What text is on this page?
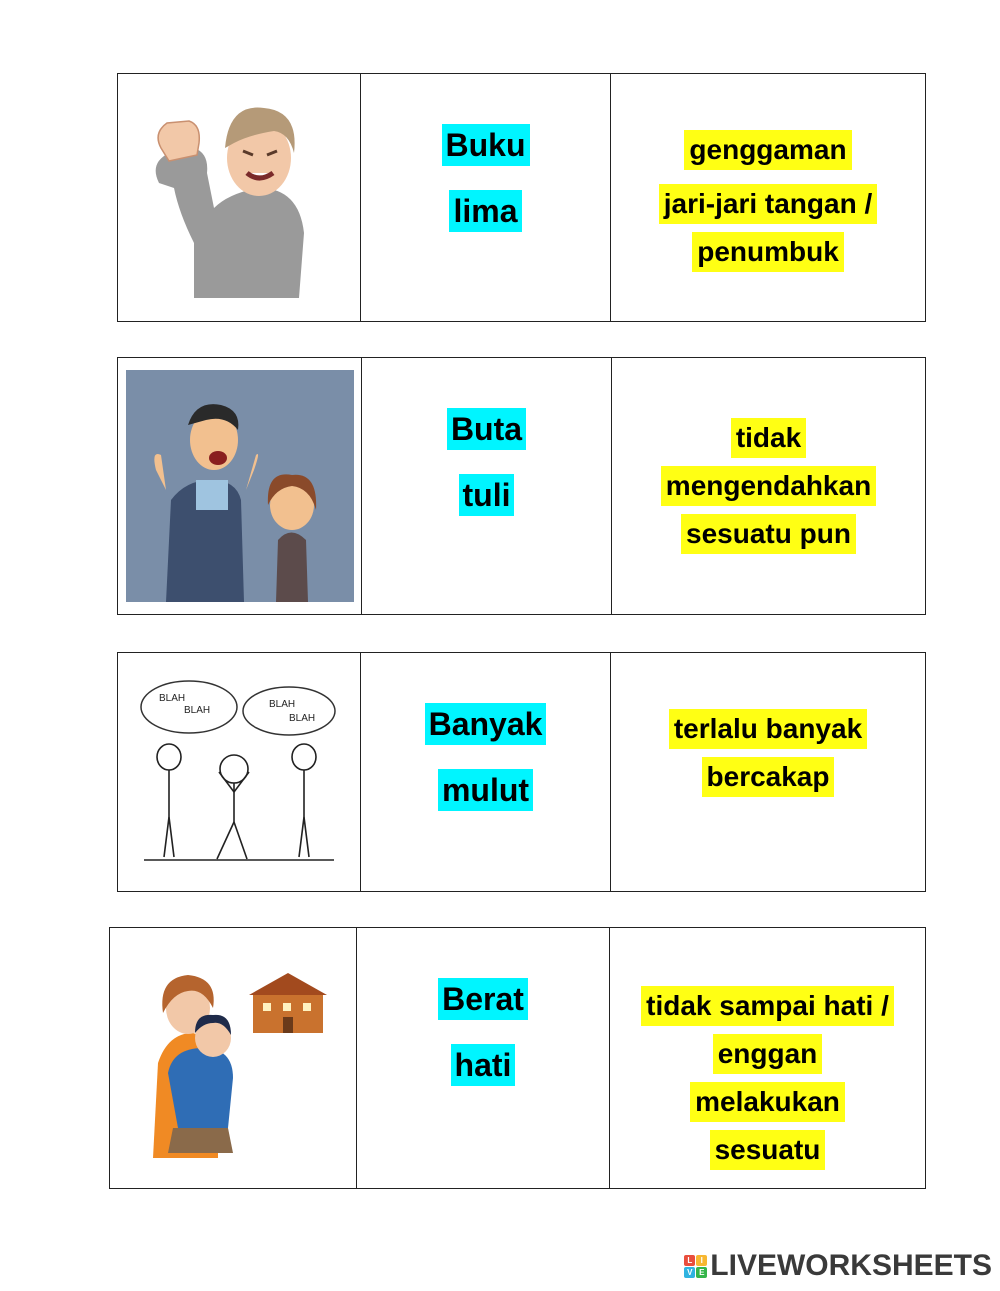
Buku
lima
genggaman
jari-jari tangan /
penumbuk
Buta
tuli
tidak
mengendahkan
sesuatu pun
BLAH
BLAH
BLAH
BLAH	Banyak
mulut
terlalu banyak
bercakap
Berat
hati
tidak sampai hati /
enggan
melakukan
sesuatu
L	I
V E LIVEWORKSHEETS
